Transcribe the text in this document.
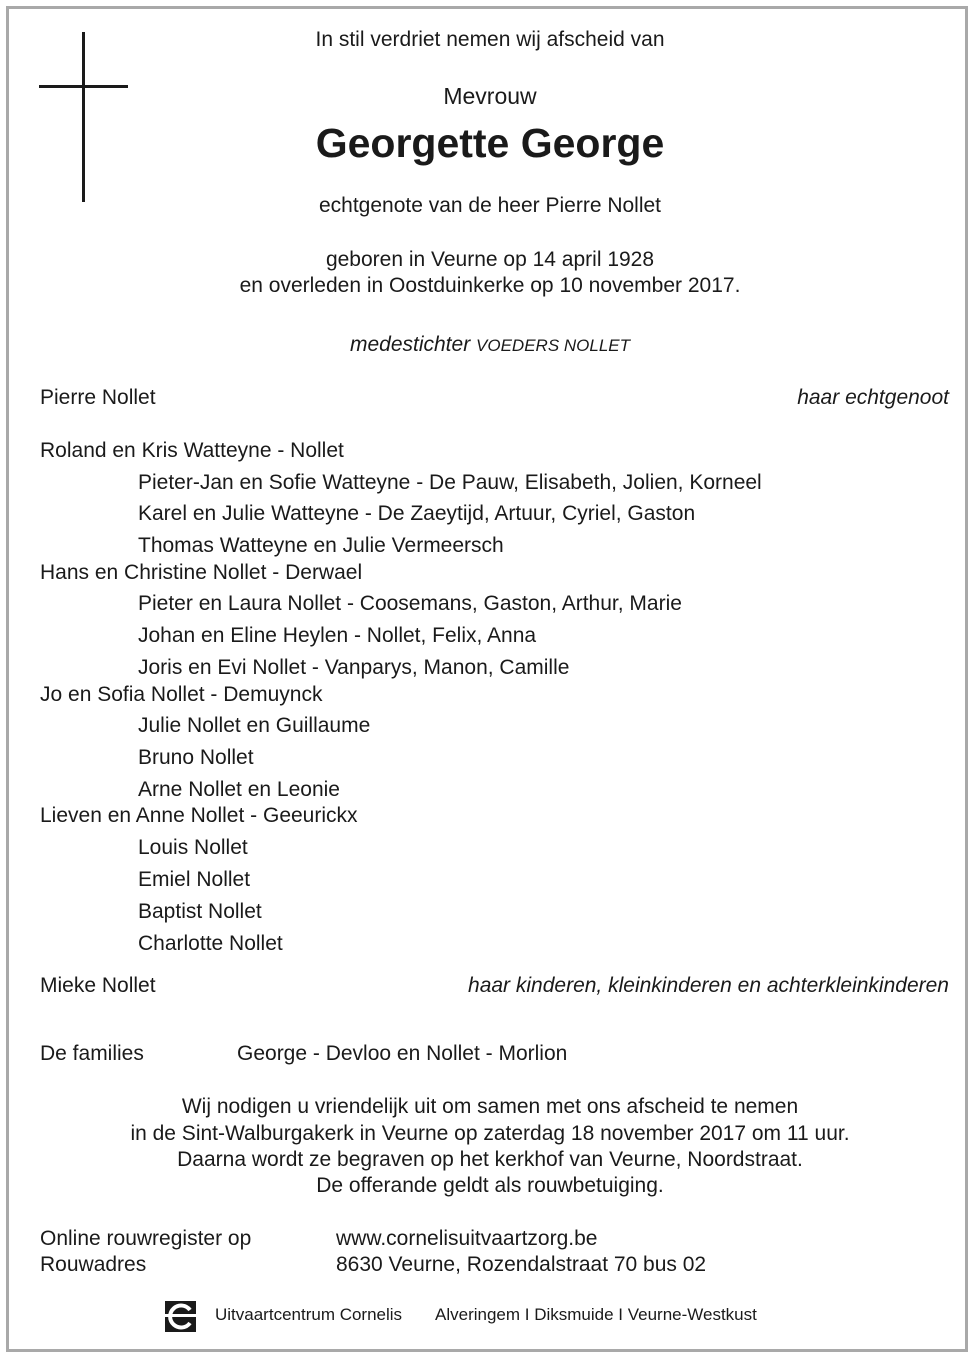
In stil verdriet nemen wij afscheid van
Mevrouw
Georgette George
echtgenote van de heer Pierre Nollet
geboren in Veurne op 14 april 1928
en overleden in Oostduinkerke op 10 november 2017.
medestichter VOEDERS NOLLET
Pierre Nollet	haar echtgenoot
Roland en Kris Watteyne - Nollet
Pieter-Jan en Sofie Watteyne - De Pauw, Elisabeth, Jolien, Korneel
Karel en Julie Watteyne - De Zaeytijd, Artuur, Cyriel, Gaston
Thomas Watteyne en Julie Vermeersch
Hans en Christine Nollet - Derwael
Pieter en Laura Nollet - Coosemans, Gaston, Arthur, Marie
Johan en Eline Heylen - Nollet, Felix, Anna
Joris en Evi Nollet - Vanparys, Manon, Camille
Jo en Sofia Nollet - Demuynck
Julie Nollet en Guillaume
Bruno Nollet
Arne Nollet en Leonie
Lieven en Anne Nollet - Geeurickx
Louis Nollet
Emiel Nollet
Baptist Nollet
Charlotte Nollet
Mieke Nollet	haar kinderen, kleinkinderen en achterkleinkinderen
De families	George - Devloo en Nollet - Morlion
Wij nodigen u vriendelijk uit om samen met ons afscheid te nemen
in de Sint-Walburgakerk in Veurne op zaterdag 18 november 2017 om 11 uur.
Daarna wordt ze begraven op het kerkhof van Veurne, Noordstraat.
De offerande geldt als rouwbetuiging.
Online rouwregister op	www.cornelisuitvaartzorg.be
Rouwadres	8630 Veurne, Rozendalstraat 70 bus 02
Uitvaartcentrum Cornelis Alveringem I Diksmuide I Veurne-Westkust
